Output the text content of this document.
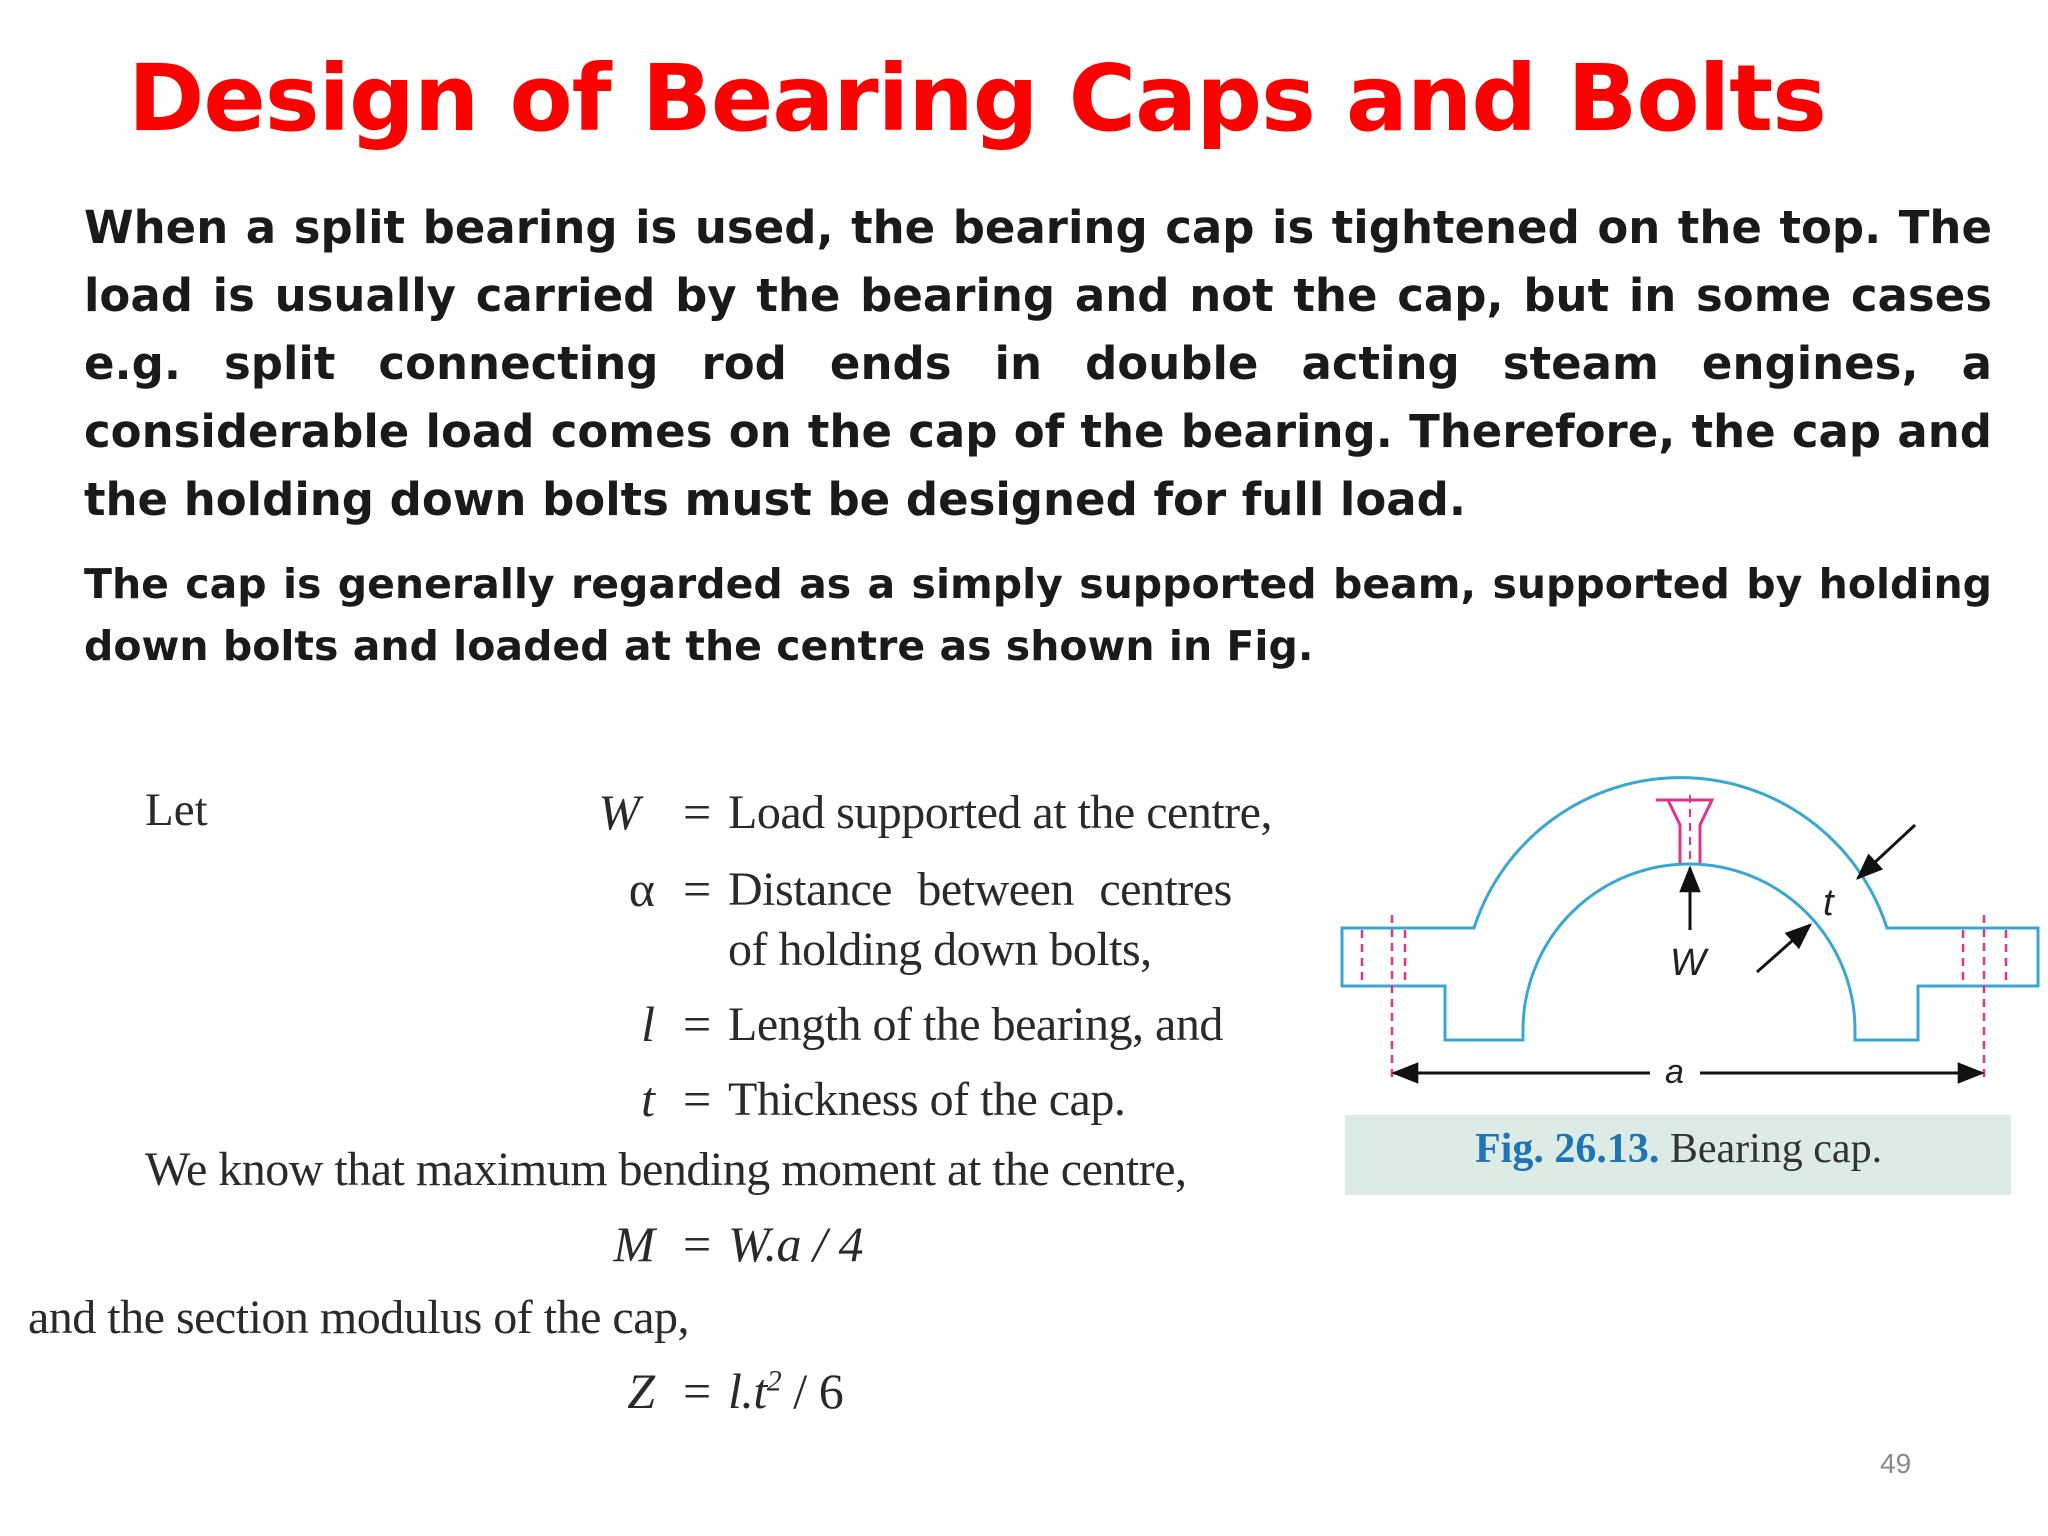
Design of Bearing Caps and Bolts
When a split bearing is used, the bearing cap is tightened on the top. The load is usually carried by the bearing and not the cap, but in some cases e.g. split connecting rod ends in double acting steam engines, a considerable load comes on the cap of the bearing. Therefore, the cap and the holding down bolts must be designed for full load.
The cap is generally regarded as a simply supported beam, supported by holding down bolts and loaded at the centre as shown in Fig.
Let	W = Load supported at the centre,
α = Distance between centres
of holding down bolts,
l = Length of the bearing, and
t = Thickness of the cap.
We know that maximum bending moment at the centre,
M = W.a / 4
and the section modulus of the cap,
$Z = l.t^2 / 6$
W
t
a
Fig. 26.13. Bearing cap.
49
